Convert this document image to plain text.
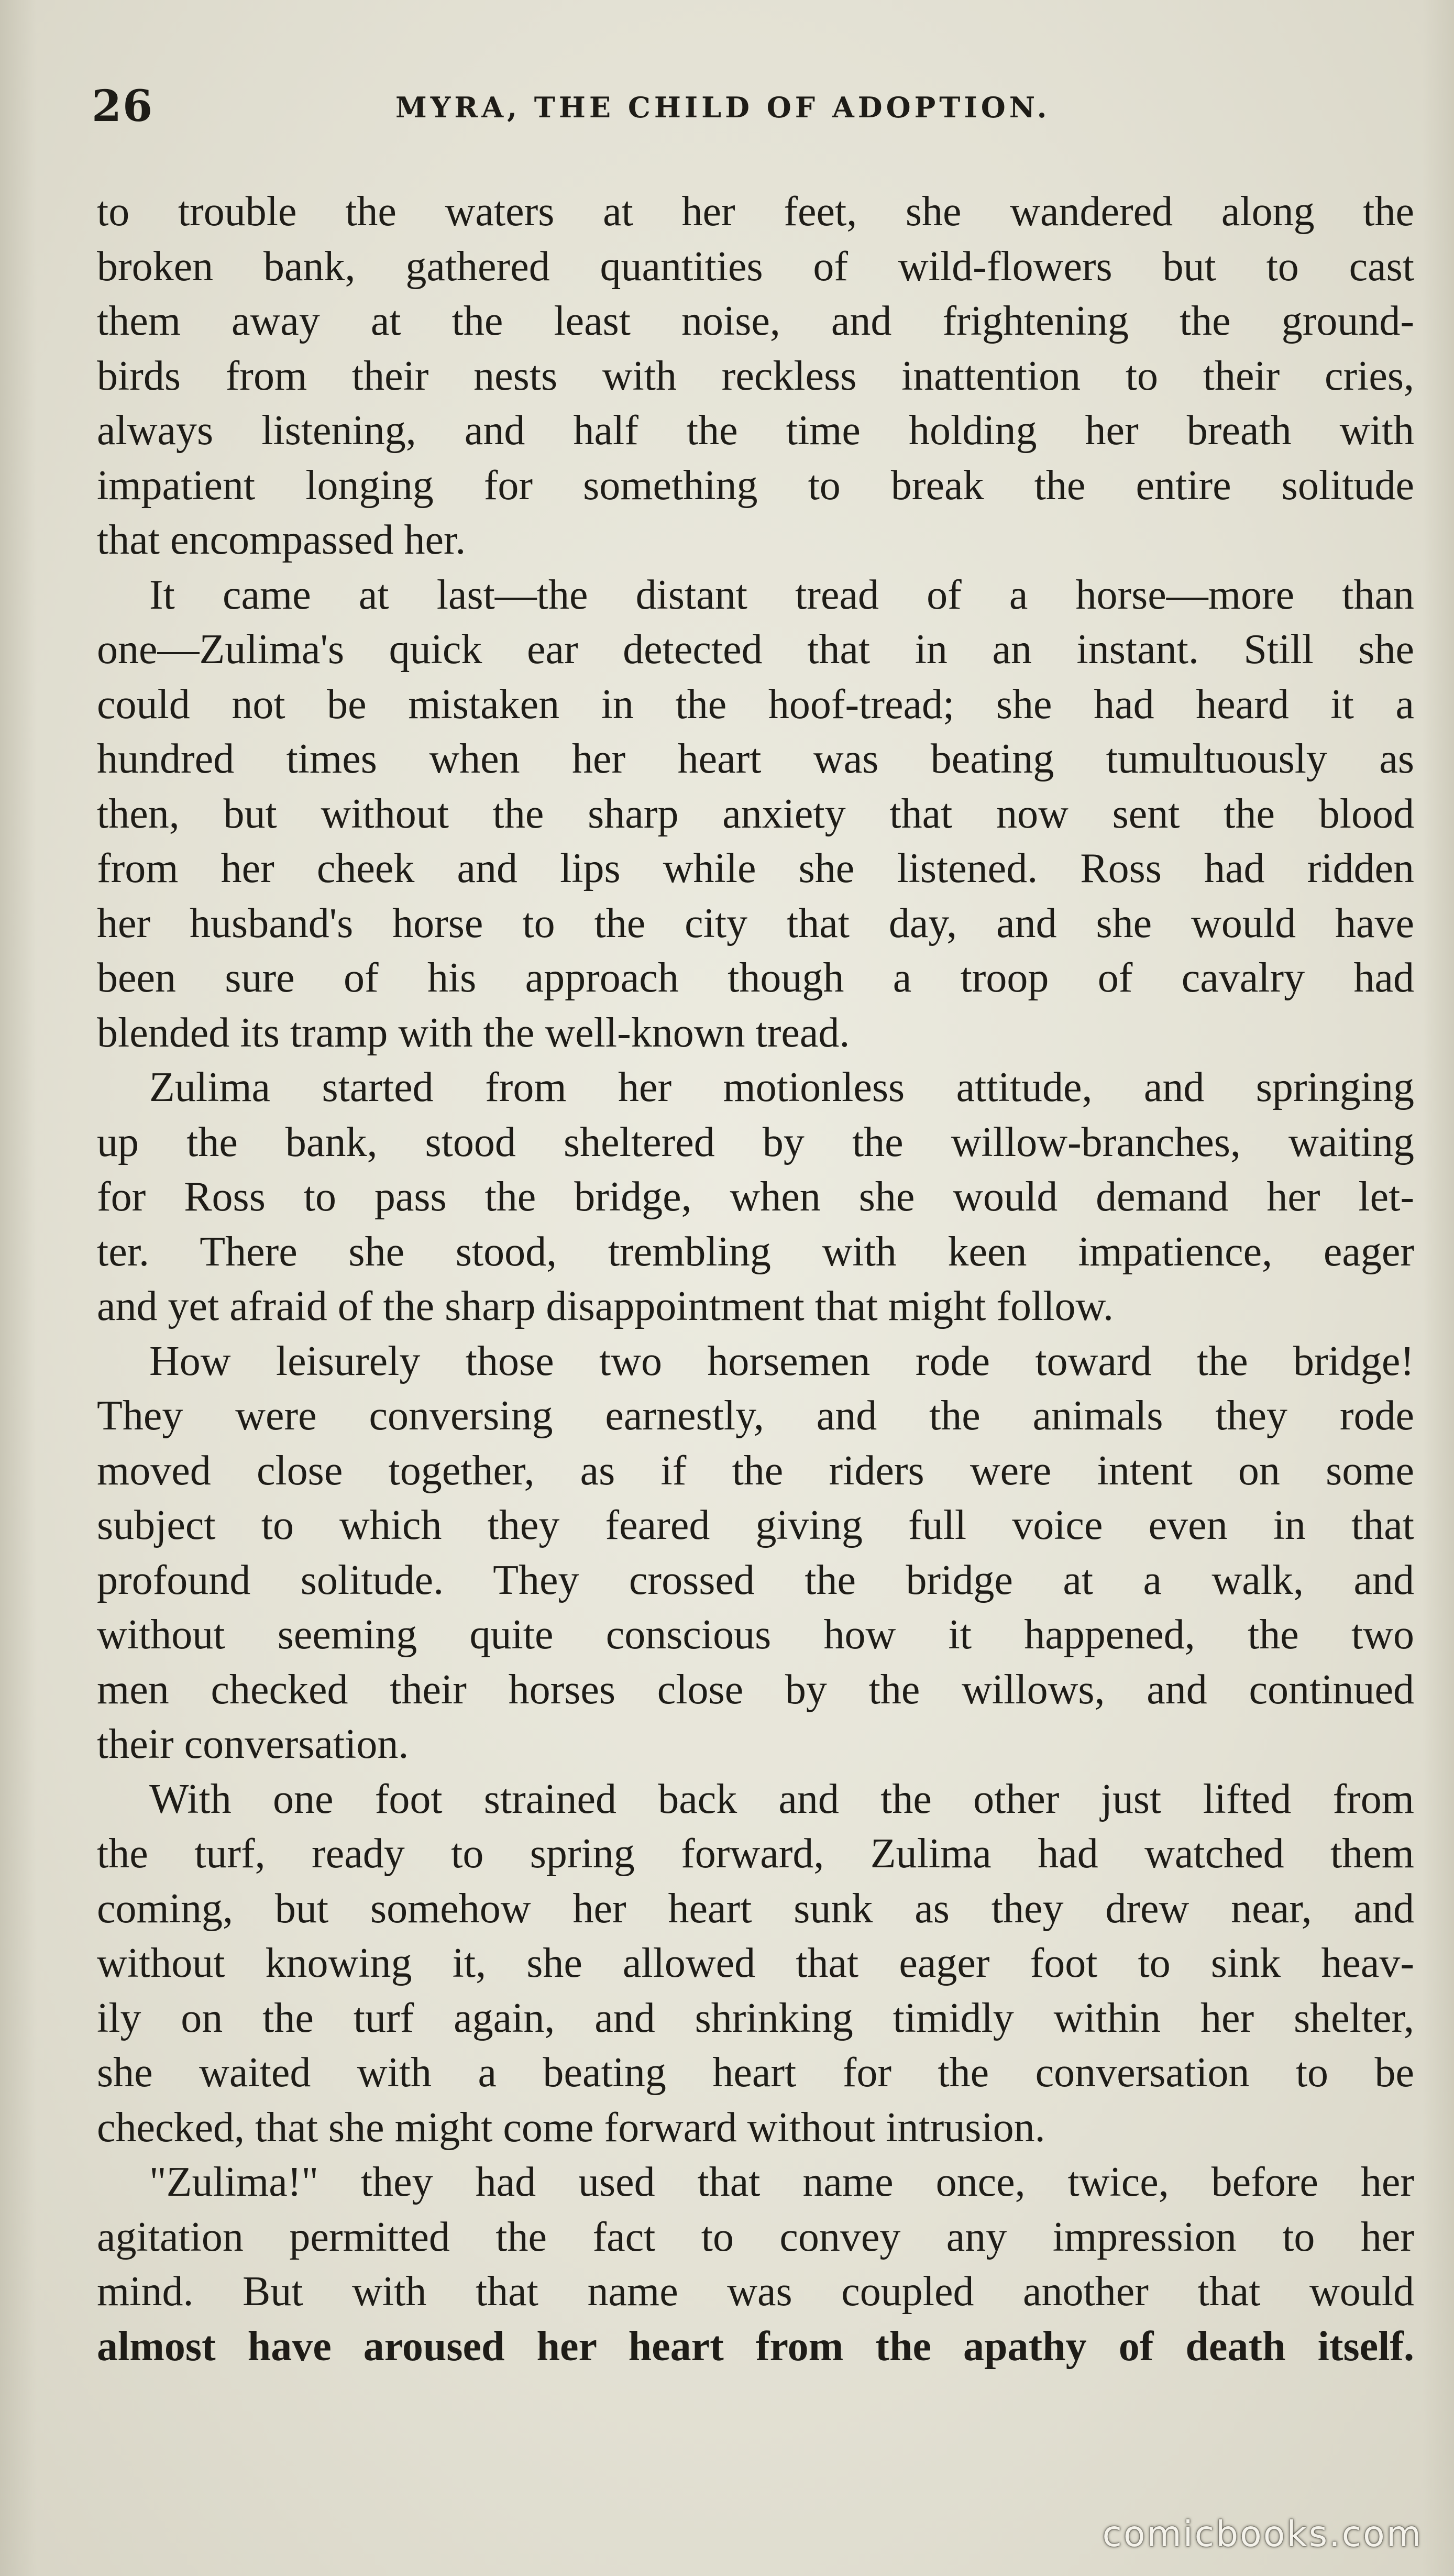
26	MYRA, THE CHILD OF ADOPTION.
to trouble the waters at her feet, she wandered along the
broken bank, gathered quantities of wild-flowers but to cast
them away at the least noise, and frightening the ground-
birds from their nests with reckless inattention to their cries,
always listening, and half the time holding her breath with
impatient longing for something to break the entire solitude
that encompassed her.
It came at last—the distant tread of a horse—more than
one—Zulima's quick ear detected that in an instant. Still she
could not be mistaken in the hoof-tread; she had heard it a
hundred times when her heart was beating tumultuously as
then, but without the sharp anxiety that now sent the blood
from her cheek and lips while she listened. Ross had ridden
her husband's horse to the city that day, and she would have
been sure of his approach though a troop of cavalry had
blended its tramp with the well-known tread.
Zulima started from her motionless attitude, and springing
up the bank, stood sheltered by the willow-branches, waiting
for Ross to pass the bridge, when she would demand her let-
ter. There she stood, trembling with keen impatience, eager
and yet afraid of the sharp disappointment that might follow.
How leisurely those two horsemen rode toward the bridge!
They were conversing earnestly, and the animals they rode
moved close together, as if the riders were intent on some
subject to which they feared giving full voice even in that
profound solitude. They crossed the bridge at a walk, and
without seeming quite conscious how it happened, the two
men checked their horses close by the willows, and continued
their conversation.
With one foot strained back and the other just lifted from
the turf, ready to spring forward, Zulima had watched them
coming, but somehow her heart sunk as they drew near, and
without knowing it, she allowed that eager foot to sink heav-
ily on the turf again, and shrinking timidly within her shelter,
she waited with a beating heart for the conversation to be
checked, that she might come forward without intrusion.
"Zulima!" they had used that name once, twice, before her
agitation permitted the fact to convey any impression to her
mind. But with that name was coupled another that would
almost have aroused her heart from the apathy of death itself.
comicbooks.com
